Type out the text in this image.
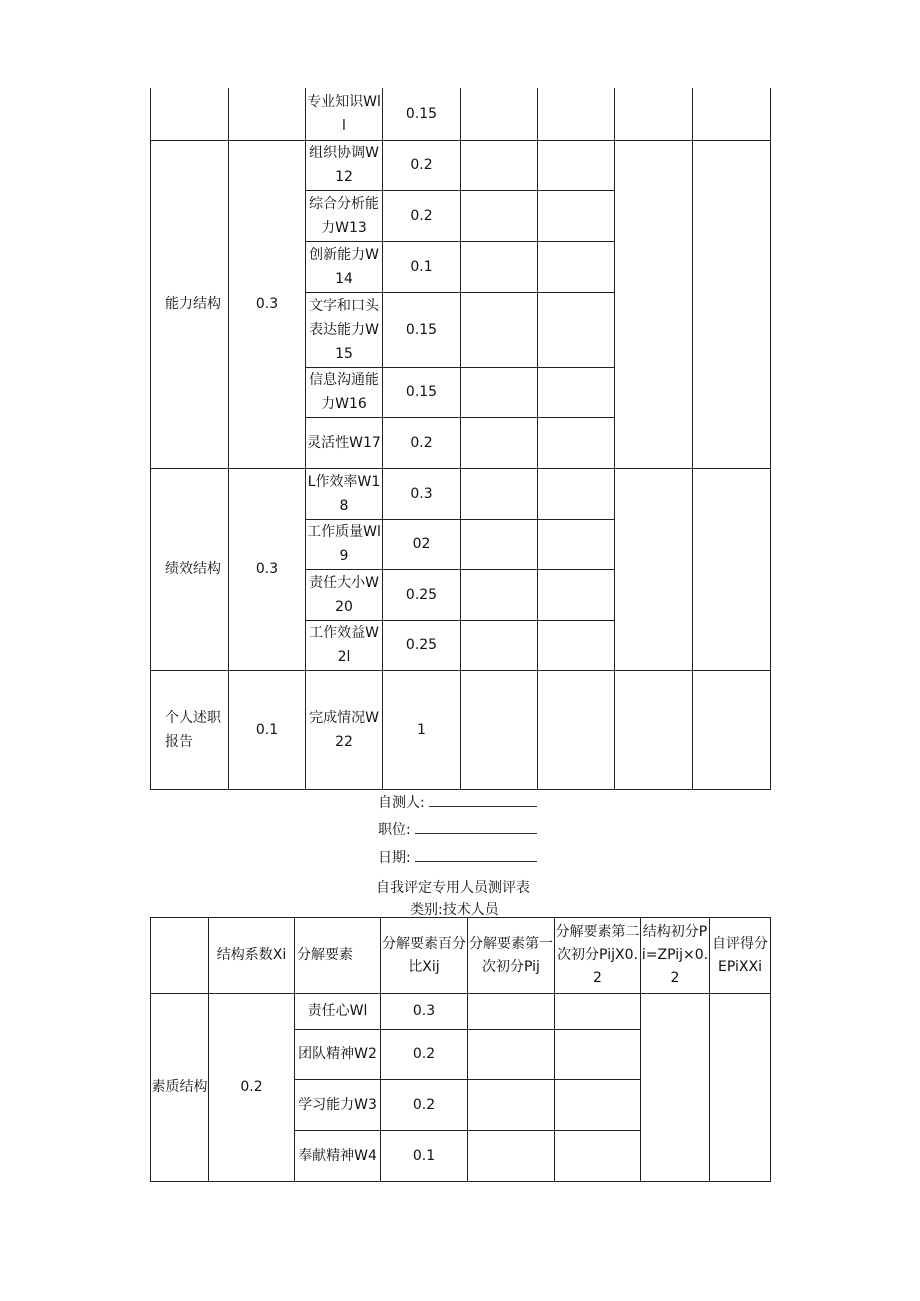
		专业知识Wll	0.15				
能力结构	0.3	组织协调W12	0.2				
		综合分析能力W13	0.2				
		创新能力W14	0.1				
		文字和口头表达能力W15	0.15				
		信息沟通能力W16	0.15				
		灵活性W17	0.2				
绩效结构	0.3	L作效率W18	0.3				
		工作质量Wl9	02				
		责任大小W20	0.25				
		工作效益W2l	0.25				
个人述职报告	0.1	完成情况W22	1				
自测人:
职位:
日期:
自我评定专用人员测评表
类别:技术人员
	结构系数Xi	分解要素	分解要素百分比Xij	分解要素第一次初分Pij	分解要素第二次初分PijX0.2	结构初分Pi=ZPij×0.2	自评得分EPiXXi
素质结构	0.2	责任心Wl	0.3				
		团队精神W2	0.2				
		学习能力W3	0.2				
		奉献精神W4	0.1				
